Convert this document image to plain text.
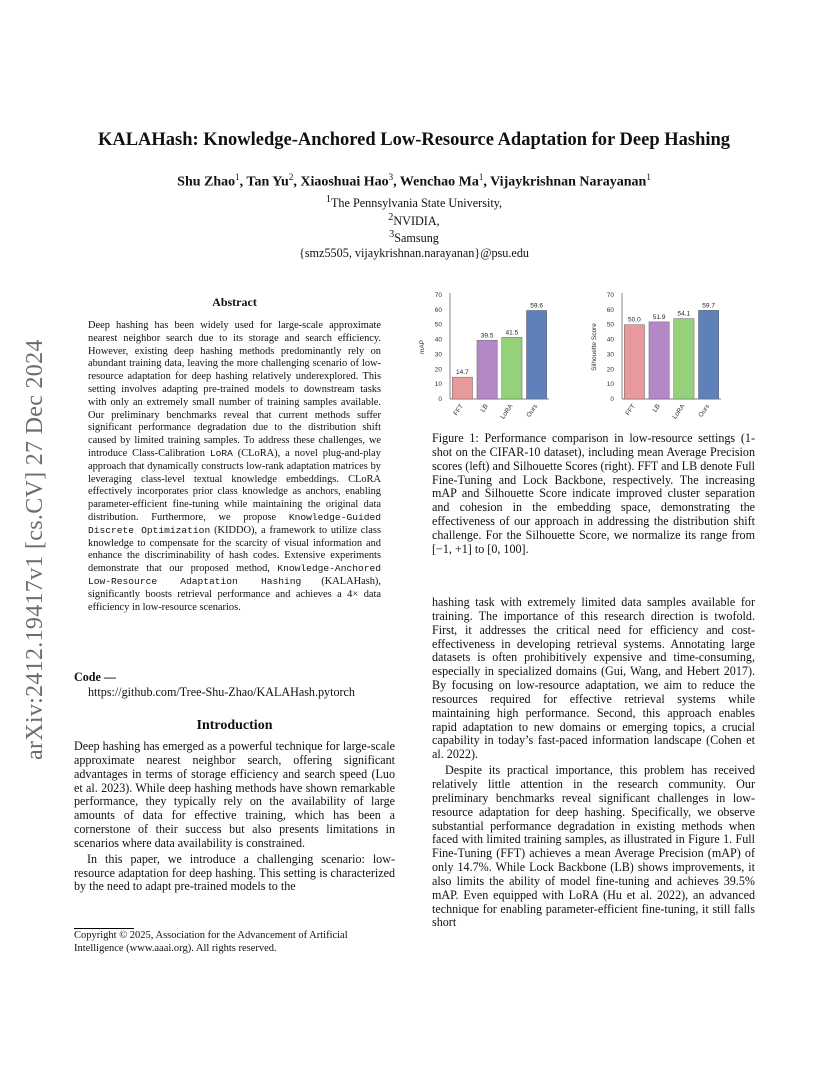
arXiv:2412.19417v1 [cs.CV] 27 Dec 2024
KALAHash: Knowledge-Anchored Low-Resource Adaptation for Deep Hashing
Shu Zhao$^1$, Tan Yu$^2$, Xiaoshuai Hao$^3$, Wenchao Ma$^1$, Vijaykrishnan Narayanan$^1$
$^1$The Pennsylvania State University,
$^2$NVIDIA,
$^3$Samsung
{smz5505, vijaykrishnan.narayanan}@psu.edu
Abstract
Deep hashing has been widely used for large-scale approximate nearest neighbor search due to its storage and search efficiency. However, existing deep hashing methods predominantly rely on abundant training data, leaving the more challenging scenario of low-resource adaptation for deep hashing relatively underexplored. This setting involves adapting pre-trained models to downstream tasks with only an extremely small number of training samples available. Our preliminary benchmarks reveal that current methods suffer significant performance degradation due to the distribution shift caused by limited training samples. To address these challenges, we introduce Class-Calibration LoRA (CLoRA), a novel plug-and-play approach that dynamically constructs low-rank adaptation matrices by leveraging class-level textual knowledge embeddings. CLoRA effectively incorporates prior class knowledge as anchors, enabling parameter-efficient fine-tuning while maintaining the original data distribution. Furthermore, we propose Knowledge-Guided Discrete Optimization (KIDDO), a framework to utilize class knowledge to compensate for the scarcity of visual information and enhance the discriminability of hash codes. Extensive experiments demonstrate that our proposed method, Knowledge-Anchored Low-Resource Adaptation Hashing (KALAHash), significantly boosts retrieval performance and achieves a 4× data efficiency in low-resource scenarios.
Code —
https://github.com/Tree-Shu-Zhao/KALAHash.pytorch
Introduction

Deep hashing has emerged as a powerful technique for large-scale approximate nearest neighbor search, offering significant advantages in terms of storage efficiency and search speed (Luo et al. 2023). While deep hashing methods have shown remarkable performance, they typically rely on the availability of large amounts of data for effective training, which has been a cornerstone of their success but also presents limitations in scenarios where data availability is constrained.

In this paper, we introduce a challenging scenario: low-resource adaptation for deep hashing. This setting is characterized by the need to adapt pre-trained models to the

Copyright © 2025, Association for the Advancement of Artificial Intelligence (www.aaai.org). All rights reserved.
mAP
0
10
20
30
40
50
60
70
14.7
FFT
39.5
LB
41.5
LoRA
59.6
Ours
Silhouette Score
0
10
20
30
40
50
60
70
50.0
FFT
51.9
LB
54.1
LoRA
59.7
Ours
Figure 1: Performance comparison in low-resource settings (1-shot on the CIFAR-10 dataset), including mean Average Precision scores (left) and Silhouette Scores (right). FFT and LB denote Full Fine-Tuning and Lock Backbone, respectively. The increasing mAP and Silhouette Score indicate improved cluster separation and cohesion in the embedding space, demonstrating the effectiveness of our approach in addressing the distribution shift challenge. For the Silhouette Score, we normalize its range from [−1, +1] to [0, 100].

hashing task with extremely limited data samples available for training. The importance of this research direction is twofold. First, it addresses the critical need for efficiency and cost-effectiveness in developing retrieval systems. Annotating large datasets is often prohibitively expensive and time-consuming, especially in specialized domains (Gui, Wang, and Hebert 2017). By focusing on low-resource adaptation, we aim to reduce the resources required for effective retrieval systems while maintaining high performance. Second, this approach enables rapid adaptation to new domains or emerging topics, a crucial capability in today’s fast-paced information landscape (Cohen et al. 2022).

Despite its practical importance, this problem has received relatively little attention in the research community. Our preliminary benchmarks reveal significant challenges in low-resource adaptation for deep hashing. Specifically, we observe substantial performance degradation in existing methods when faced with limited training samples, as illustrated in Figure 1. Full Fine-Tuning (FFT) achieves a mean Average Precision (mAP) of only 14.7%. While Lock Backbone (LB) shows improvements, it also limits the ability of model fine-tuning and achieves 39.5% mAP. Even equipped with LoRA (Hu et al. 2022), an advanced technique for enabling parameter-efficient fine-tuning, it still falls short
